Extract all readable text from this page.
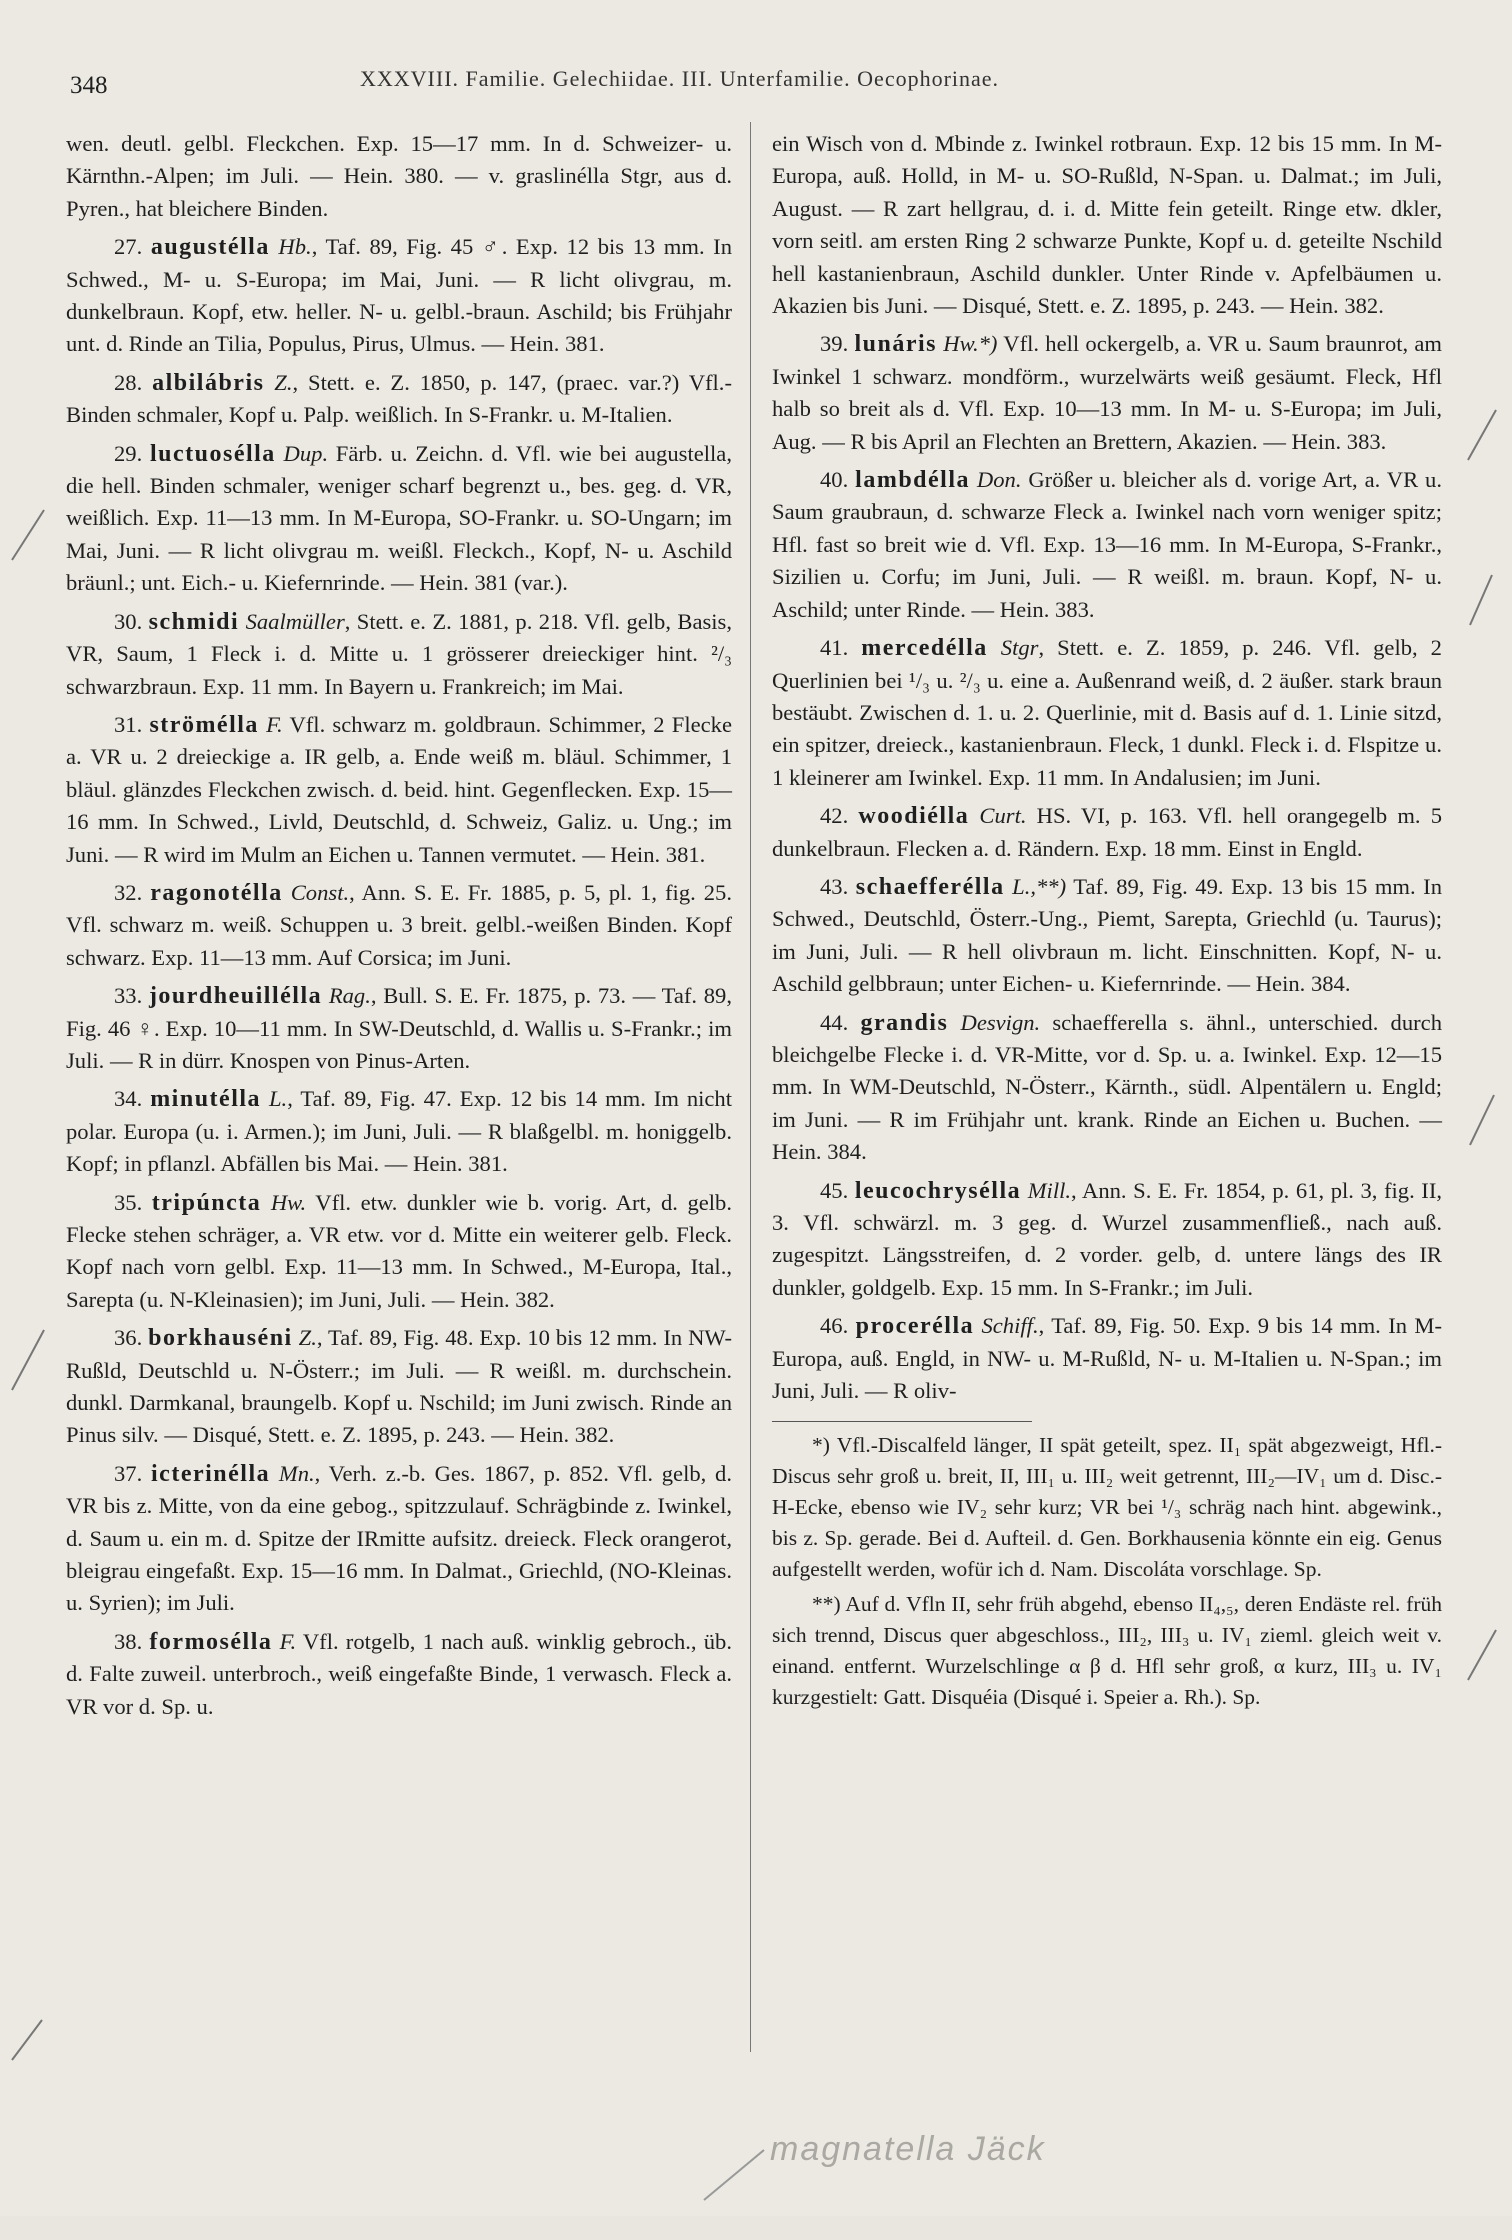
348	XXXVIII. Familie. Gelechiidae. III. Unterfamilie. Oecophorinae.
wen. deutl. gelbl. Fleckchen. Exp. 15—17 mm. In d. Schweizer- u. Kärnthn.-Alpen; im Juli. — Hein. 380. — v. graslinélla Stgr, aus d. Pyren., hat bleichere Binden.
27. augustélla Hb., Taf. 89, Fig. 45 ♂. Exp. 12 bis 13 mm. In Schwed., M- u. S-Europa; im Mai, Juni. — R licht olivgrau, m. dunkelbraun. Kopf, etw. heller. N- u. gelbl.-braun. Aschild; bis Frühjahr unt. d. Rinde an Tilia, Populus, Pirus, Ulmus. — Hein. 381.
28. albilábris Z., Stett. e. Z. 1850, p. 147, (praec. var.?) Vfl.-Binden schmaler, Kopf u. Palp. weißlich. In S-Frankr. u. M-Italien.
29. luctuosélla Dup. Färb. u. Zeichn. d. Vfl. wie bei augustella, die hell. Binden schmaler, weniger scharf begrenzt u., bes. geg. d. VR, weißlich. Exp. 11—13 mm. In M-Europa, SO-Frankr. u. SO-Ungarn; im Mai, Juni. — R licht olivgrau m. weißl. Fleckch., Kopf, N- u. Aschild bräunl.; unt. Eich.- u. Kiefernrinde. — Hein. 381 (var.).
30. schmidi Saalmüller, Stett. e. Z. 1881, p. 218. Vfl. gelb, Basis, VR, Saum, 1 Fleck i. d. Mitte u. 1 grösserer dreieckiger hint. ²/₃ schwarzbraun. Exp. 11 mm. In Bayern u. Frankreich; im Mai.
31. strömélla F. Vfl. schwarz m. goldbraun. Schimmer, 2 Flecke a. VR u. 2 dreieckige a. IR gelb, a. Ende weiß m. bläul. Schimmer, 1 bläul. glänzdes Fleckchen zwisch. d. beid. hint. Gegenflecken. Exp. 15—16 mm. In Schwed., Livld, Deutschld, d. Schweiz, Galiz. u. Ung.; im Juni. — R wird im Mulm an Eichen u. Tannen vermutet. — Hein. 381.
32. ragonotélla Const., Ann. S. E. Fr. 1885, p. 5, pl. 1, fig. 25. Vfl. schwarz m. weiß. Schuppen u. 3 breit. gelbl.-weißen Binden. Kopf schwarz. Exp. 11—13 mm. Auf Corsica; im Juni.
33. jourdheuillélla Rag., Bull. S. E. Fr. 1875, p. 73. — Taf. 89, Fig. 46 ♀. Exp. 10—11 mm. In SW-Deutschld, d. Wallis u. S-Frankr.; im Juli. — R in dürr. Knospen von Pinus-Arten.
34. minutélla L., Taf. 89, Fig. 47. Exp. 12 bis 14 mm. Im nicht polar. Europa (u. i. Armen.); im Juni, Juli. — R blaßgelbl. m. honiggelb. Kopf; in pflanzl. Abfällen bis Mai. — Hein. 381.
35. tripúncta Hw. Vfl. etw. dunkler wie b. vorig. Art, d. gelb. Flecke stehen schräger, a. VR etw. vor d. Mitte ein weiterer gelb. Fleck. Kopf nach vorn gelbl. Exp. 11—13 mm. In Schwed., M-Europa, Ital., Sarepta (u. N-Kleinasien); im Juni, Juli. — Hein. 382.
36. borkhauséni Z., Taf. 89, Fig. 48. Exp. 10 bis 12 mm. In NW-Rußld, Deutschld u. N-Österr.; im Juli. — R weißl. m. durchschein. dunkl. Darmkanal, braungelb. Kopf u. Nschild; im Juni zwisch. Rinde an Pinus silv. — Disqué, Stett. e. Z. 1895, p. 243. — Hein. 382.
37. icterinélla Mn., Verh. z.-b. Ges. 1867, p. 852. Vfl. gelb, d. VR bis z. Mitte, von da eine gebog., spitzzulauf. Schrägbinde z. Iwinkel, d. Saum u. ein m. d. Spitze der IRmitte aufsitz. dreieck. Fleck orangerot, bleigrau eingefaßt. Exp. 15—16 mm. In Dalmat., Griechld, (NO-Kleinas. u. Syrien); im Juli.
38. formosélla F. Vfl. rotgelb, 1 nach auß. winklig gebroch., üb. d. Falte zuweil. unterbroch., weiß eingefaßte Binde, 1 verwasch. Fleck a. VR vor d. Sp. u.
ein Wisch von d. Mbinde z. Iwinkel rotbraun. Exp. 12 bis 15 mm. In M-Europa, auß. Holld, in M- u. SO-Rußld, N-Span. u. Dalmat.; im Juli, August. — R zart hellgrau, d. i. d. Mitte fein geteilt. Ringe etw. dkler, vorn seitl. am ersten Ring 2 schwarze Punkte, Kopf u. d. geteilte Nschild hell kastanienbraun, Aschild dunkler. Unter Rinde v. Apfelbäumen u. Akazien bis Juni. — Disqué, Stett. e. Z. 1895, p. 243. — Hein. 382.
39. lunáris Hw.*) Vfl. hell ockergelb, a. VR u. Saum braunrot, am Iwinkel 1 schwarz. mondförm., wurzelwärts weiß gesäumt. Fleck, Hfl halb so breit als d. Vfl. Exp. 10—13 mm. In M- u. S-Europa; im Juli, Aug. — R bis April an Flechten an Brettern, Akazien. — Hein. 383.
40. lambdélla Don. Größer u. bleicher als d. vorige Art, a. VR u. Saum graubraun, d. schwarze Fleck a. Iwinkel nach vorn weniger spitz; Hfl. fast so breit wie d. Vfl. Exp. 13—16 mm. In M-Europa, S-Frankr., Sizilien u. Corfu; im Juni, Juli. — R weißl. m. braun. Kopf, N- u. Aschild; unter Rinde. — Hein. 383.
41. mercedélla Stgr, Stett. e. Z. 1859, p. 246. Vfl. gelb, 2 Querlinien bei ¹/₃ u. ²/₃ u. eine a. Außenrand weiß, d. 2 äußer. stark braun bestäubt. Zwischen d. 1. u. 2. Querlinie, mit d. Basis auf d. 1. Linie sitzd, ein spitzer, dreieck., kastanienbraun. Fleck, 1 dunkl. Fleck i. d. Flspitze u. 1 kleinerer am Iwinkel. Exp. 11 mm. In Andalusien; im Juni.
42. woodiélla Curt. HS. VI, p. 163. Vfl. hell orangegelb m. 5 dunkelbraun. Flecken a. d. Rändern. Exp. 18 mm. Einst in Engld.
43. schaefferélla L.,**) Taf. 89, Fig. 49. Exp. 13 bis 15 mm. In Schwed., Deutschld, Österr.-Ung., Piemt, Sarepta, Griechld (u. Taurus); im Juni, Juli. — R hell olivbraun m. licht. Einschnitten. Kopf, N- u. Aschild gelbbraun; unter Eichen- u. Kiefernrinde. — Hein. 384.
44. grandis Desvign. schaefferella s. ähnl., unterschied. durch bleichgelbe Flecke i. d. VR-Mitte, vor d. Sp. u. a. Iwinkel. Exp. 12—15 mm. In WM-Deutschld, N-Österr., Kärnth., südl. Alpentälern u. Engld; im Juni. — R im Frühjahr unt. krank. Rinde an Eichen u. Buchen. — Hein. 384.
45. leucochrysélla Mill., Ann. S. E. Fr. 1854, p. 61, pl. 3, fig. II, 3. Vfl. schwärzl. m. 3 geg. d. Wurzel zusammenfließ., nach auß. zugespitzt. Längsstreifen, d. 2 vorder. gelb, d. untere längs des IR dunkler, goldgelb. Exp. 15 mm. In S-Frankr.; im Juli.
46. procerélla Schiff., Taf. 89, Fig. 50. Exp. 9 bis 14 mm. In M-Europa, auß. Engld, in NW- u. M-Rußld, N- u. M-Italien u. N-Span.; im Juni, Juli. — R oliv-
*) Vfl.-Discalfeld länger, II spät geteilt, spez. II₁ spät abgezweigt, Hfl.-Discus sehr groß u. breit, II, III₁ u. III₂ weit getrennt, III₂—IV₁ um d. Disc.-H-Ecke, ebenso wie IV₂ sehr kurz; VR bei ¹/₃ schräg nach hint. abgewink., bis z. Sp. gerade. Bei d. Aufteil. d. Gen. Borkhausenia könnte ein eig. Genus aufgestellt werden, wofür ich d. Nam. Discoláta vorschlage. Sp.
**) Auf d. Vfln II, sehr früh abgehd, ebenso II₄,₅, deren Endäste rel. früh sich trennd, Discus quer abgeschloss., III₂, III₃ u. IV₁ zieml. gleich weit v. einand. entfernt. Wurzelschlinge α β d. Hfl sehr groß, α kurz, III₃ u. IV₁ kurzgestielt: Gatt. Disquéia (Disqué i. Speier a. Rh.). Sp.
magnatella Jäck
